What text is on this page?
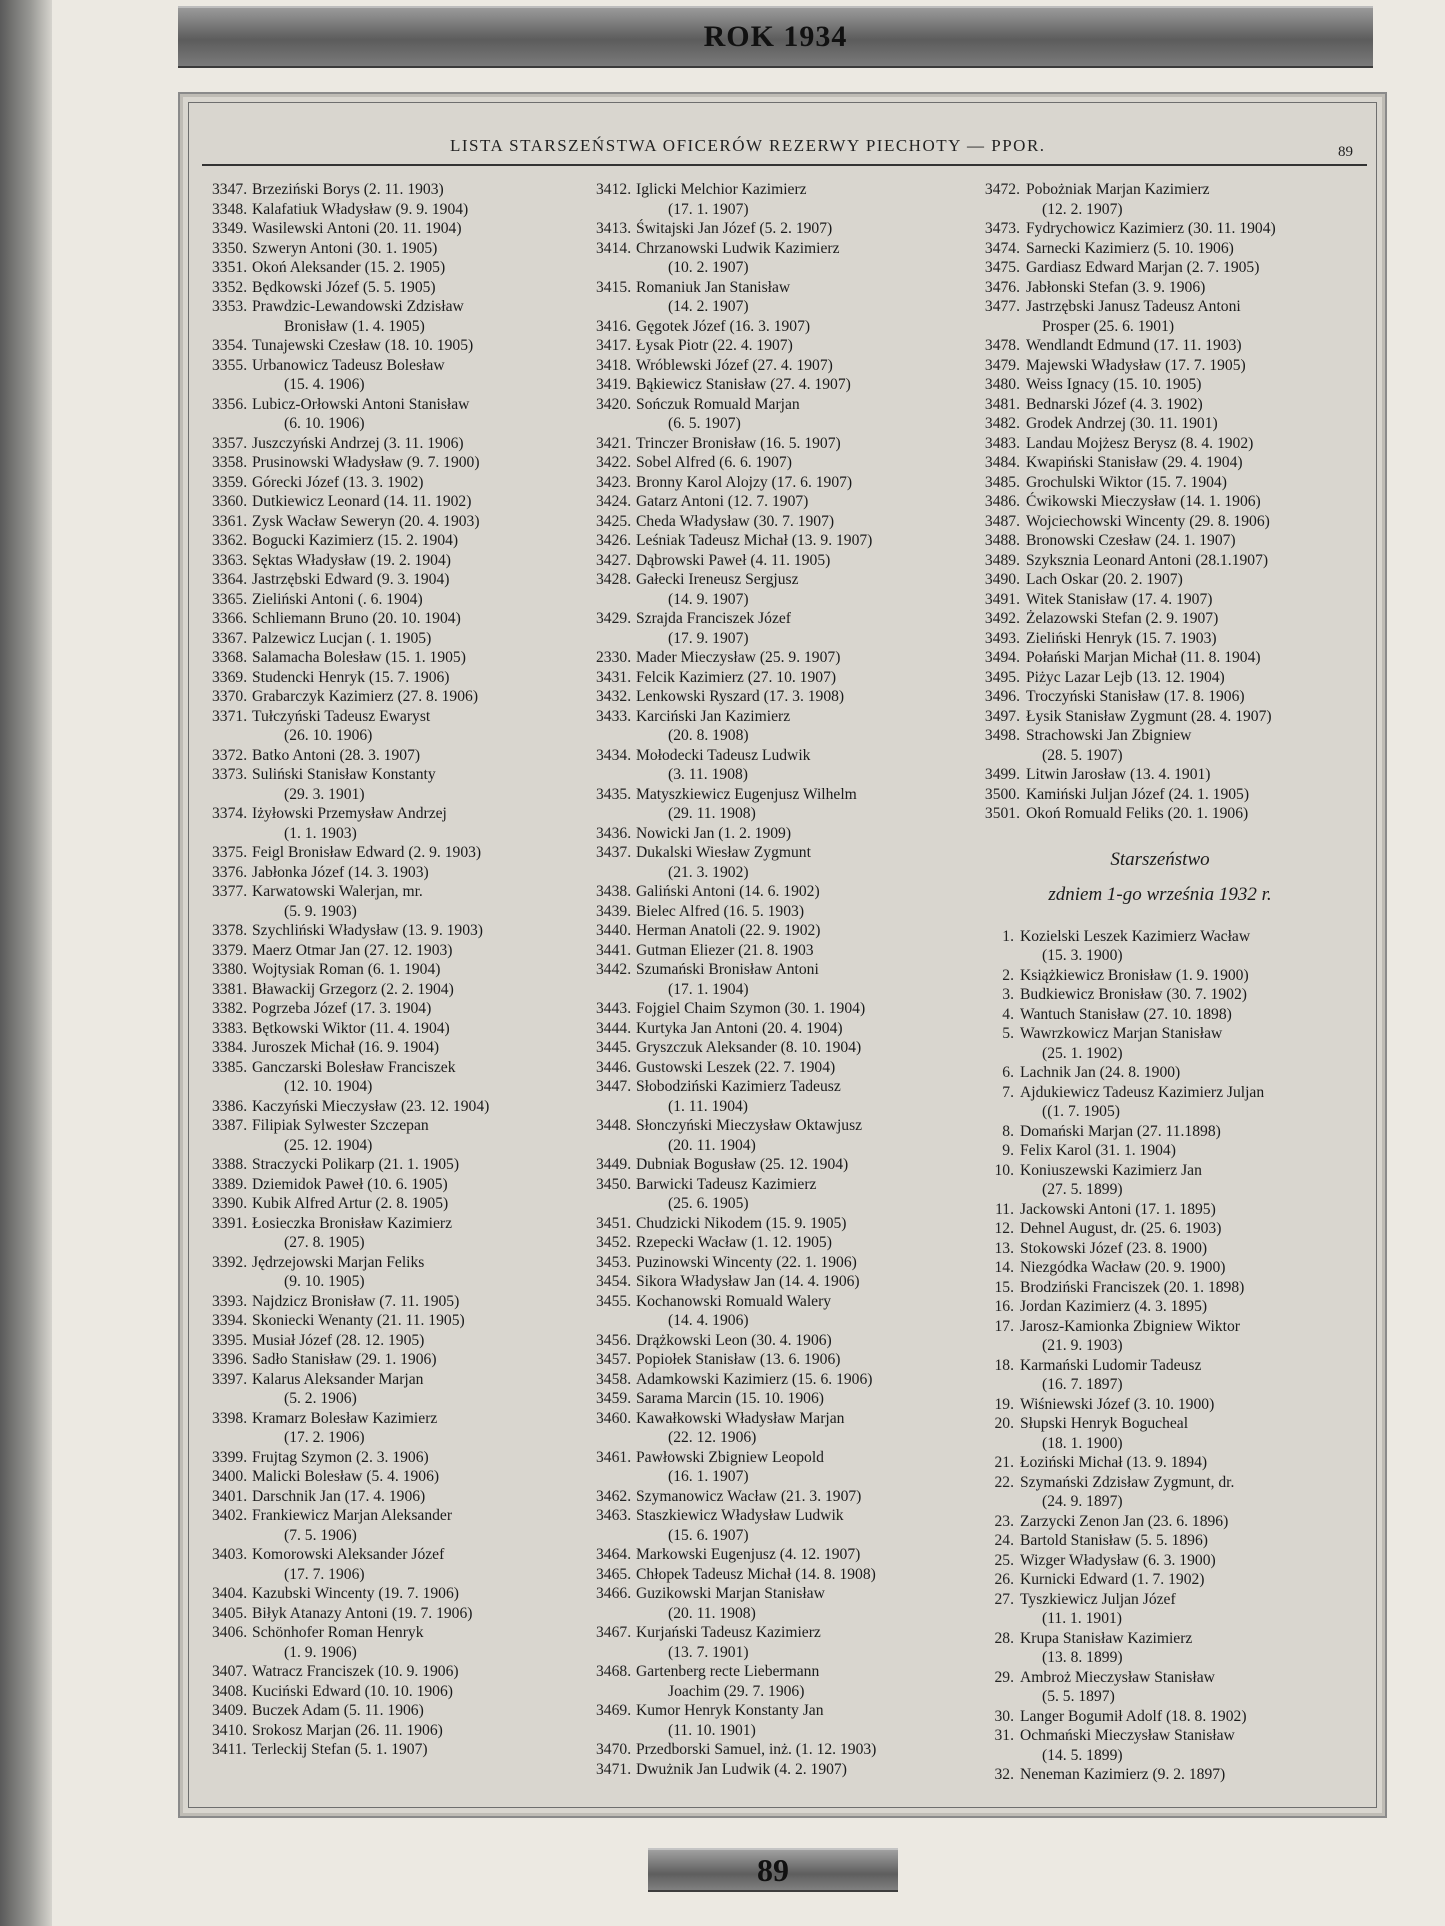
ROK 1934
LISTA STARSZEŃSTWA OFICERÓW REZERWY PIECHOTY — PPOR.	89
3347. Brzeziński Borys (2. 11. 1903)
3348. Kalafatiuk Władysław (9. 9. 1904)
3349. Wasilewski Antoni (20. 11. 1904)
3350. Szweryn Antoni (30. 1. 1905)
3351. Okoń Aleksander (15. 2. 1905)
3352. Będkowski Józef (5. 5. 1905)
3353. Prawdzic-Lewandowski Zdzisław
Bronisław (1. 4. 1905)
3354. Tunajewski Czesław (18. 10. 1905)
3355. Urbanowicz Tadeusz Bolesław
(15. 4. 1906)
3356. Lubicz-Orłowski Antoni Stanisław
(6. 10. 1906)
3357. Juszczyński Andrzej (3. 11. 1906)
3358. Prusinowski Władysław (9. 7. 1900)
3359. Górecki Józef (13. 3. 1902)
3360. Dutkiewicz Leonard (14. 11. 1902)
3361. Zysk Wacław Seweryn (20. 4. 1903)
3362. Bogucki Kazimierz (15. 2. 1904)
3363. Sęktas Władysław (19. 2. 1904)
3364. Jastrzębski Edward (9. 3. 1904)
3365. Zieliński Antoni (. 6. 1904)
3366. Schliemann Bruno (20. 10. 1904)
3367. Palzewicz Lucjan (. 1. 1905)
3368. Salamacha Bolesław (15. 1. 1905)
3369. Studencki Henryk (15. 7. 1906)
3370. Grabarczyk Kazimierz (27. 8. 1906)
3371. Tułczyński Tadeusz Ewaryst
(26. 10. 1906)
3372. Batko Antoni (28. 3. 1907)
3373. Suliński Stanisław Konstanty
(29. 3. 1901)
3374. Iżyłowski Przemysław Andrzej
(1. 1. 1903)
3375. Feigl Bronisław Edward (2. 9. 1903)
3376. Jabłonka Józef (14. 3. 1903)
3377. Karwatowski Walerjan, mr.
(5. 9. 1903)
3378. Szychliński Władysław (13. 9. 1903)
3379. Maerz Otmar Jan (27. 12. 1903)
3380. Wojtysiak Roman (6. 1. 1904)
3381. Bławackij Grzegorz (2. 2. 1904)
3382. Pogrzeba Józef (17. 3. 1904)
3383. Bętkowski Wiktor (11. 4. 1904)
3384. Juroszek Michał (16. 9. 1904)
3385. Ganczarski Bolesław Franciszek
(12. 10. 1904)
3386. Kaczyński Mieczysław (23. 12. 1904)
3387. Filipiak Sylwester Szczepan
(25. 12. 1904)
3388. Straczycki Polikarp (21. 1. 1905)
3389. Dziemidok Paweł (10. 6. 1905)
3390. Kubik Alfred Artur (2. 8. 1905)
3391. Łosieczka Bronisław Kazimierz
(27. 8. 1905)
3392. Jędrzejowski Marjan Feliks
(9. 10. 1905)
3393. Najdzicz Bronisław (7. 11. 1905)
3394. Skoniecki Wenanty (21. 11. 1905)
3395. Musiał Józef (28. 12. 1905)
3396. Sadło Stanisław (29. 1. 1906)
3397. Kalarus Aleksander Marjan
(5. 2. 1906)
3398. Kramarz Bolesław Kazimierz
(17. 2. 1906)
3399. Frujtag Szymon (2. 3. 1906)
3400. Malicki Bolesław (5. 4. 1906)
3401. Darschnik Jan (17. 4. 1906)
3402. Frankiewicz Marjan Aleksander
(7. 5. 1906)
3403. Komorowski Aleksander Józef
(17. 7. 1906)
3404. Kazubski Wincenty (19. 7. 1906)
3405. Biłyk Atanazy Antoni (19. 7. 1906)
3406. Schönhofer Roman Henryk
(1. 9. 1906)
3407. Watracz Franciszek (10. 9. 1906)
3408. Kuciński Edward (10. 10. 1906)
3409. Buczek Adam (5. 11. 1906)
3410. Srokosz Marjan (26. 11. 1906)
3411. Terleckij Stefan (5. 1. 1907)
3412. Iglicki Melchior Kazimierz
(17. 1. 1907)
3413. Świtajski Jan Józef (5. 2. 1907)
3414. Chrzanowski Ludwik Kazimierz
(10. 2. 1907)
3415. Romaniuk Jan Stanisław
(14. 2. 1907)
3416. Gęgotek Józef (16. 3. 1907)
3417. Łysak Piotr (22. 4. 1907)
3418. Wróblewski Józef (27. 4. 1907)
3419. Bąkiewicz Stanisław (27. 4. 1907)
3420. Sończuk Romuald Marjan
(6. 5. 1907)
3421. Trinczer Bronisław (16. 5. 1907)
3422. Sobel Alfred (6. 6. 1907)
3423. Bronny Karol Alojzy (17. 6. 1907)
3424. Gatarz Antoni (12. 7. 1907)
3425. Cheda Władysław (30. 7. 1907)
3426. Leśniak Tadeusz Michał (13. 9. 1907)
3427. Dąbrowski Paweł (4. 11. 1905)
3428. Gałecki Ireneusz Sergjusz
(14. 9. 1907)
3429. Szrajda Franciszek Józef
(17. 9. 1907)
2330. Mader Mieczysław (25. 9. 1907)
3431. Felcik Kazimierz (27. 10. 1907)
3432. Lenkowski Ryszard (17. 3. 1908)
3433. Karciński Jan Kazimierz
(20. 8. 1908)
3434. Mołodecki Tadeusz Ludwik
(3. 11. 1908)
3435. Matyszkiewicz Eugenjusz Wilhelm
(29. 11. 1908)
3436. Nowicki Jan (1. 2. 1909)
3437. Dukalski Wiesław Zygmunt
(21. 3. 1902)
3438. Galiński Antoni (14. 6. 1902)
3439. Bielec Alfred (16. 5. 1903)
3440. Herman Anatoli (22. 9. 1902)
3441. Gutman Eliezer (21. 8. 1903
3442. Szumański Bronisław Antoni
(17. 1. 1904)
3443. Fojgiel Chaim Szymon (30. 1. 1904)
3444. Kurtyka Jan Antoni (20. 4. 1904)
3445. Gryszczuk Aleksander (8. 10. 1904)
3446. Gustowski Leszek (22. 7. 1904)
3447. Słobodziński Kazimierz Tadeusz
(1. 11. 1904)
3448. Słonczyński Mieczysław Oktawjusz
(20. 11. 1904)
3449. Dubniak Bogusław (25. 12. 1904)
3450. Barwicki Tadeusz Kazimierz
(25. 6. 1905)
3451. Chudzicki Nikodem (15. 9. 1905)
3452. Rzepecki Wacław (1. 12. 1905)
3453. Puzinowski Wincenty (22. 1. 1906)
3454. Sikora Władysław Jan (14. 4. 1906)
3455. Kochanowski Romuald Walery
(14. 4. 1906)
3456. Drążkowski Leon (30. 4. 1906)
3457. Popiołek Stanisław (13. 6. 1906)
3458. Adamkowski Kazimierz (15. 6. 1906)
3459. Sarama Marcin (15. 10. 1906)
3460. Kawałkowski Władysław Marjan
(22. 12. 1906)
3461. Pawłowski Zbigniew Leopold
(16. 1. 1907)
3462. Szymanowicz Wacław (21. 3. 1907)
3463. Staszkiewicz Władysław Ludwik
(15. 6. 1907)
3464. Markowski Eugenjusz (4. 12. 1907)
3465. Chłopek Tadeusz Michał (14. 8. 1908)
3466. Guzikowski Marjan Stanisław
(20. 11. 1908)
3467. Kurjański Tadeusz Kazimierz
(13. 7. 1901)
3468. Gartenberg recte Liebermann
Joachim (29. 7. 1906)
3469. Kumor Henryk Konstanty Jan
(11. 10. 1901)
3470. Przedborski Samuel, inż. (1. 12. 1903)
3471. Dwużnik Jan Ludwik (4. 2. 1907)
3472. Pobożniak Marjan Kazimierz
(12. 2. 1907)
3473. Fydrychowicz Kazimierz (30. 11. 1904)
3474. Sarnecki Kazimierz (5. 10. 1906)
3475. Gardiasz Edward Marjan (2. 7. 1905)
3476. Jabłonski Stefan (3. 9. 1906)
3477. Jastrzębski Janusz Tadeusz Antoni
Prosper (25. 6. 1901)
3478. Wendlandt Edmund (17. 11. 1903)
3479. Majewski Władysław (17. 7. 1905)
3480. Weiss Ignacy (15. 10. 1905)
3481. Bednarski Józef (4. 3. 1902)
3482. Grodek Andrzej (30. 11. 1901)
3483. Landau Mojżesz Berysz (8. 4. 1902)
3484. Kwapiński Stanisław (29. 4. 1904)
3485. Grochulski Wiktor (15. 7. 1904)
3486. Ćwikowski Mieczysław (14. 1. 1906)
3487. Wojciechowski Wincenty (29. 8. 1906)
3488. Bronowski Czesław (24. 1. 1907)
3489. Szyksznia Leonard Antoni (28.1.1907)
3490. Lach Oskar (20. 2. 1907)
3491. Witek Stanisław (17. 4. 1907)
3492. Żelazowski Stefan (2. 9. 1907)
3493. Zieliński Henryk (15. 7. 1903)
3494. Połański Marjan Michał (11. 8. 1904)
3495. Piżyc Lazar Lejb (13. 12. 1904)
3496. Troczyński Stanisław (17. 8. 1906)
3497. Łysik Stanisław Zygmunt (28. 4. 1907)
3498. Strachowski Jan Zbigniew
(28. 5. 1907)
3499. Litwin Jarosław (13. 4. 1901)
3500. Kamiński Juljan Józef (24. 1. 1905)
3501. Okoń Romuald Feliks (20. 1. 1906)
Starszeństwo
zdniem 1-go września 1932 r.
1. Kozielski Leszek Kazimierz Wacław
(15. 3. 1900)
2. Książkiewicz Bronisław (1. 9. 1900)
3. Budkiewicz Bronisław (30. 7. 1902)
4. Wantuch Stanisław (27. 10. 1898)
5. Wawrzkowicz Marjan Stanisław
(25. 1. 1902)
6. Lachnik Jan (24. 8. 1900)
7. Ajdukiewicz Tadeusz Kazimierz Juljan
((1. 7. 1905)
8. Domański Marjan (27. 11.1898)
9. Felix Karol (31. 1. 1904)
10. Koniuszewski Kazimierz Jan
(27. 5. 1899)
11. Jackowski Antoni (17. 1. 1895)
12. Dehnel August, dr. (25. 6. 1903)
13. Stokowski Józef (23. 8. 1900)
14. Niezgódka Wacław (20. 9. 1900)
15. Brodziński Franciszek (20. 1. 1898)
16. Jordan Kazimierz (4. 3. 1895)
17. Jarosz-Kamionka Zbigniew Wiktor
(21. 9. 1903)
18. Karmański Ludomir Tadeusz
(16. 7. 1897)
19. Wiśniewski Józef (3. 10. 1900)
20. Słupski Henryk Bogucheal
(18. 1. 1900)
21. Łoziński Michał (13. 9. 1894)
22. Szymański Zdzisław Zygmunt, dr.
(24. 9. 1897)
23. Zarzycki Zenon Jan (23. 6. 1896)
24. Bartold Stanisław (5. 5. 1896)
25. Wizger Władysław (6. 3. 1900)
26. Kurnicki Edward (1. 7. 1902)
27. Tyszkiewicz Juljan Józef
(11. 1. 1901)
28. Krupa Stanisław Kazimierz
(13. 8. 1899)
29. Ambroż Mieczysław Stanisław
(5. 5. 1897)
30. Langer Bogumił Adolf (18. 8. 1902)
31. Ochmański Mieczysław Stanisław
(14. 5. 1899)
32. Neneman Kazimierz (9. 2. 1897)
89
